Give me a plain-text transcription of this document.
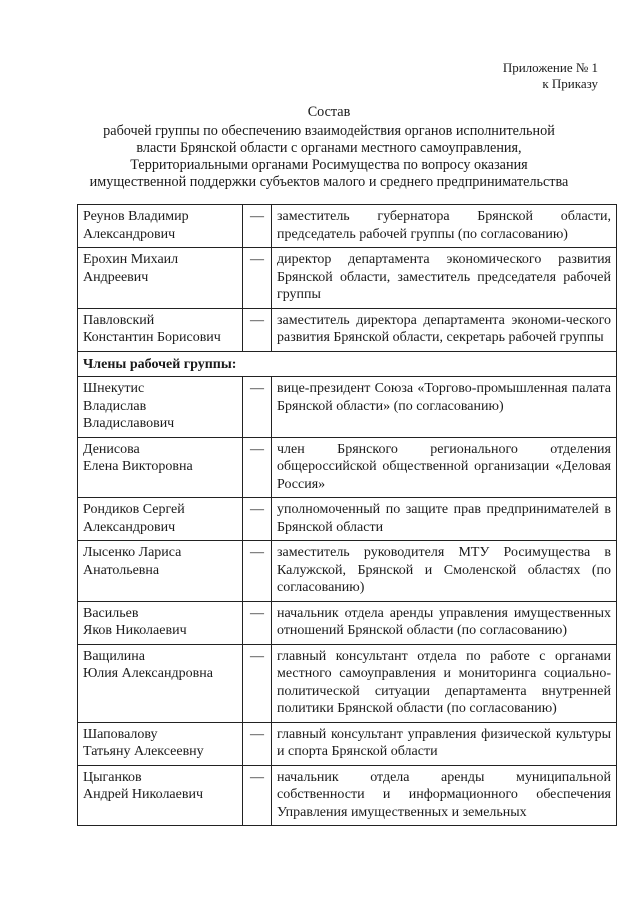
Приложение № 1
к Приказу
Состав
рабочей группы по обеспечению взаимодействия органов исполнительной
власти Брянской области с органами местного самоуправления,
Территориальными органами Росимущества по вопросу оказания
имущественной поддержки субъектов малого и среднего предпринимательства
Реунов Владимир
Александрович	—	заместитель губернатора Брянской области, председатель рабочей группы (по согласованию)

Ерохин Михаил
Андреевич	—	директор департамента экономического развития Брянской области, заместитель председателя рабочей группы

Павловский
Константин Борисович	—	заместитель директора департамента экономи-ческого развития Брянской области, секретарь рабочей группы
Члены рабочей группы:		

Шнекутис
Владислав
Владиславович	—	вице-президент Союза «Торгово-промышленная палата Брянской области» (по согласованию)

Денисова
Елена Викторовна	—	член Брянского регионального отделения общероссийской общественной организации «Деловая Россия»

Рондиков Сергей
Александрович	—	уполномоченный по защите прав предпринимателей в Брянской области

Лысенко Лариса
Анатольевна	—	заместитель руководителя МТУ Росимущества в Калужской, Брянской и Смоленской областях (по согласованию)

Васильев
Яков Николаевич	—	начальник отдела аренды управления имущественных отношений Брянской области (по согласованию)

Ващилина
Юлия Александровна	—	главный консультант отдела по работе с органами местного самоуправления и мониторинга социально-политической ситуации департамента внутренней политики Брянской области (по согласованию)

Шаповалову
Татьяну Алексеевну	—	главный консультант управления физической культуры и спорта Брянской области

Цыганков
Андрей Николаевич	—	начальник отдела аренды муниципальной собственности и информационного обеспечения Управления имущественных и земельных
